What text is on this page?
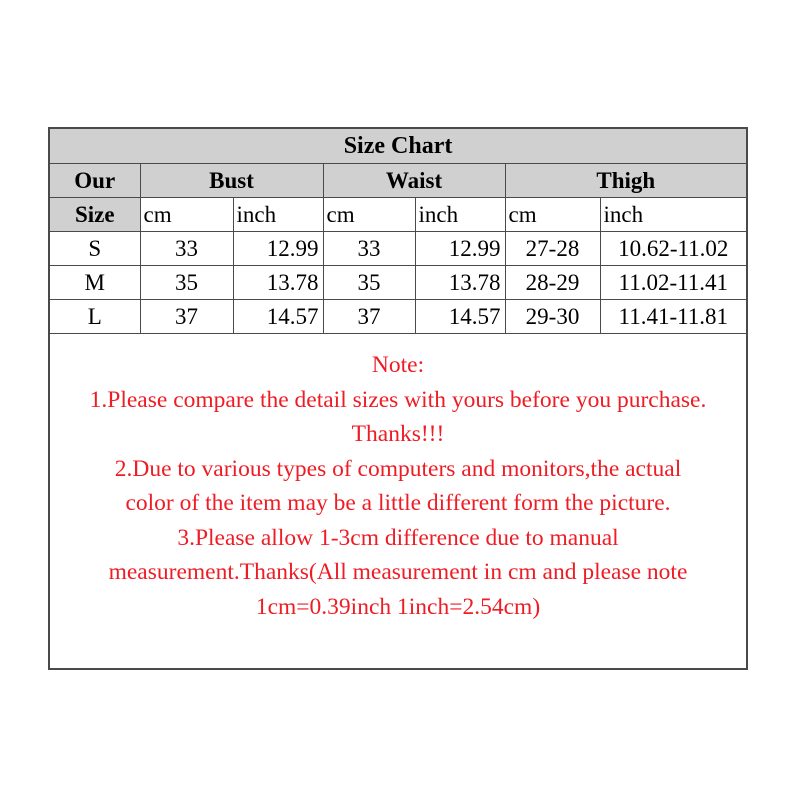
Size Chart						
Our	Bust		Waist		Thigh	
Size	cm	inch	cm	inch	cm	inch
S	33	12.99	33	12.99	27-28	10.62-11.02
M	35	13.78	35	13.78	28-29	11.02-11.41
L	37	14.57	37	14.57	29-30	11.41-11.81
Note:
1.Please compare the detail sizes with yours before you purchase.
Thanks!!!
2.Due to various types of computers and monitors,the actual
color of the item may be a little different form the picture.
3.Please allow 1-3cm difference due to manual
measurement.Thanks(All measurement in cm and please note
1cm=0.39inch 1inch=2.54cm)
